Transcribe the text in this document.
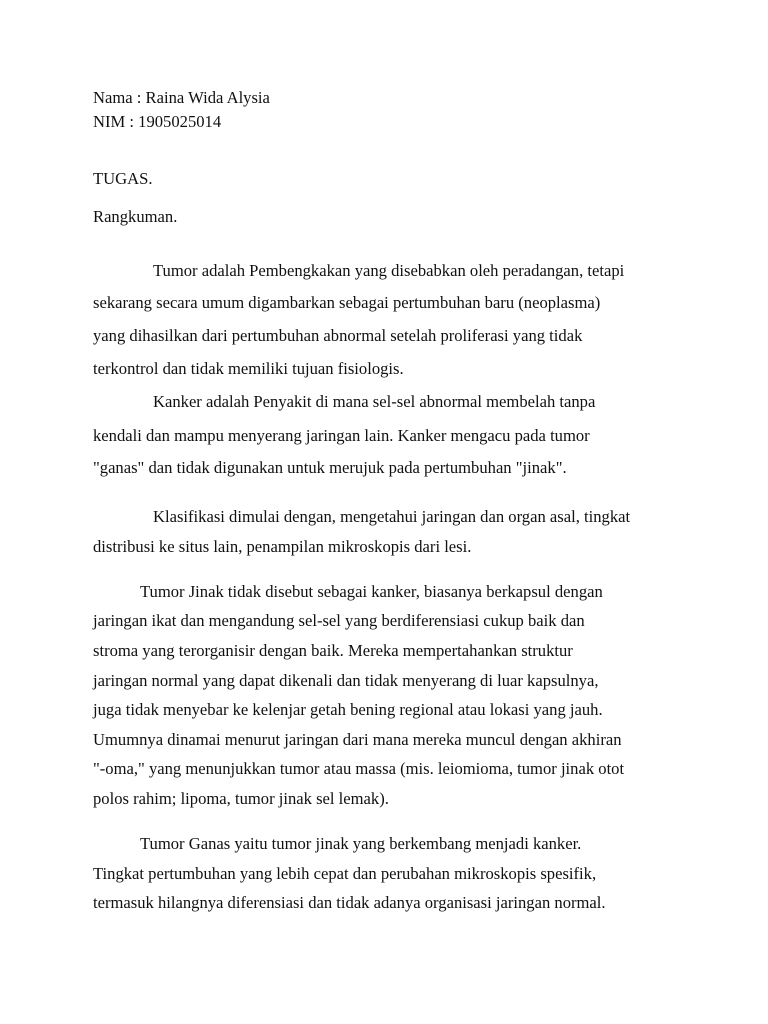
Nama : Raina Wida Alysia

NIM : 1905025014

TUGAS.

Rangkuman.

Tumor adalah Pembengkakan yang disebabkan oleh peradangan, tetapi

sekarang secara umum digambarkan sebagai pertumbuhan baru (neoplasma)

yang dihasilkan dari pertumbuhan abnormal setelah proliferasi yang tidak

terkontrol dan tidak memiliki tujuan fisiologis.

Kanker adalah Penyakit di mana sel-sel abnormal membelah tanpa

kendali dan mampu menyerang jaringan lain. Kanker mengacu pada tumor

"ganas" dan tidak digunakan untuk merujuk pada pertumbuhan "jinak".

Klasifikasi dimulai dengan, mengetahui jaringan dan organ asal, tingkat

distribusi ke situs lain, penampilan mikroskopis dari lesi.

Tumor Jinak tidak disebut sebagai kanker, biasanya berkapsul dengan

jaringan ikat dan mengandung sel-sel yang berdiferensiasi cukup baik dan

stroma yang terorganisir dengan baik. Mereka mempertahankan struktur

jaringan normal yang dapat dikenali dan tidak menyerang di luar kapsulnya,

juga tidak menyebar ke kelenjar getah bening regional atau lokasi yang jauh.

Umumnya dinamai menurut jaringan dari mana mereka muncul dengan akhiran

"-oma," yang menunjukkan tumor atau massa (mis. leiomioma, tumor jinak otot

polos rahim; lipoma, tumor jinak sel lemak).

Tumor Ganas yaitu tumor jinak yang berkembang menjadi kanker.

Tingkat pertumbuhan yang lebih cepat dan perubahan mikroskopis spesifik,

termasuk hilangnya diferensiasi dan tidak adanya organisasi jaringan normal.
